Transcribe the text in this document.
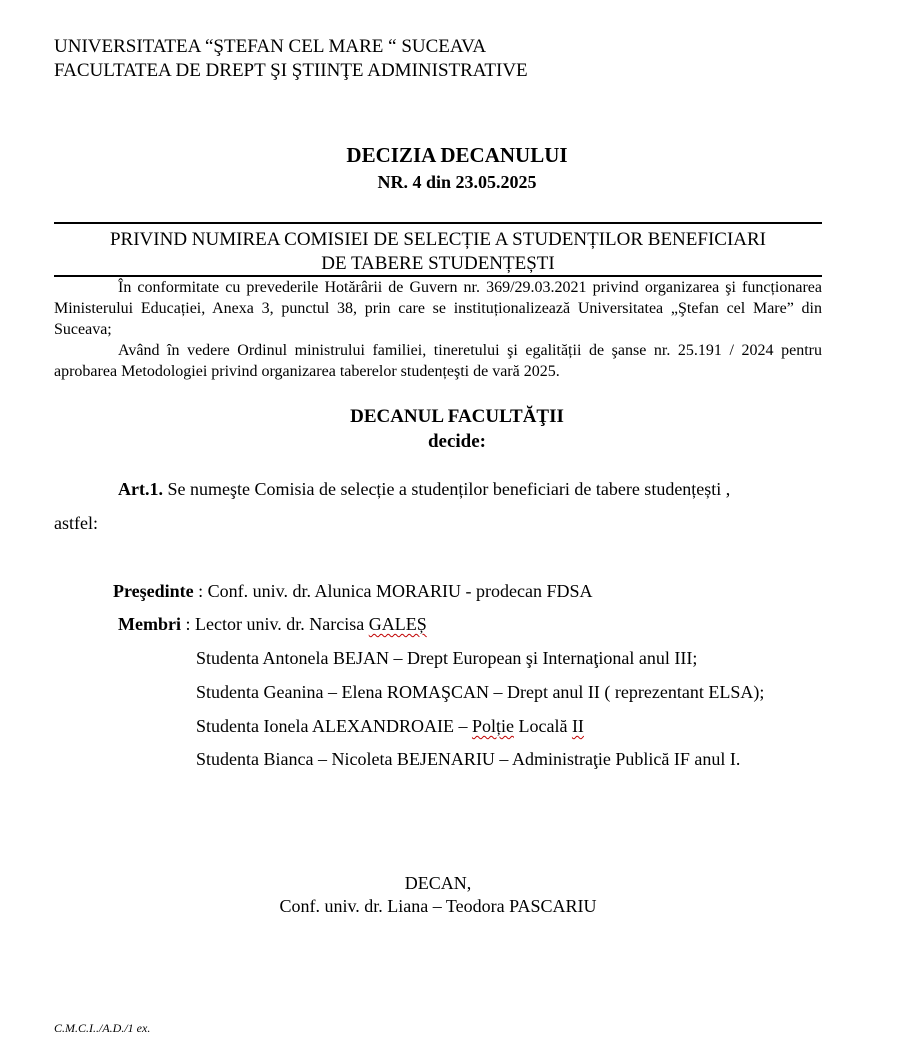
UNIVERSITATEA “ŞTEFAN CEL MARE “ SUCEAVA
FACULTATEA DE DREPT ŞI ŞTIINŢE ADMINISTRATIVE
DECIZIA DECANULUI
NR. 4 din 23.05.2025
PRIVIND NUMIREA COMISIEI DE SELECȚIE A STUDENȚILOR BENEFICIARI
DE TABERE STUDENȚEȘTI
În conformitate cu prevederile Hotărârii de Guvern nr. 369/29.03.2021 privind organizarea şi funcționarea Ministerului Educației, Anexa 3, punctul 38, prin care se instituționalizează Universitatea „Ştefan cel Mare” din Suceava;
Având în vedere Ordinul ministrului familiei, tineretului şi egalității de şanse nr. 25.191 / 2024 pentru aprobarea Metodologiei privind organizarea taberelor studențeşti de vară 2025.
DECANUL FACULTĂŢII
decide:
Art.1. Se numeşte Comisia de selecție a studenților beneficiari de tabere studențești ,
astfel:
Preşedinte : Conf. univ. dr. Alunica MORARIU - prodecan FDSA
Membri : Lector univ. dr. Narcisa GALEȘ
Studenta Antonela BEJAN – Drept European şi Internaţional anul III;
Studenta Geanina – Elena ROMAŞCAN – Drept anul II ( reprezentant ELSA);
Studenta Ionela ALEXANDROAIE – Polție Locală II
Studenta Bianca – Nicoleta BEJENARIU – Administraţie Publică IF anul I.
DECAN,
Conf. univ. dr. Liana – Teodora PASCARIU
C.M.C.I../A.D./1 ex.
